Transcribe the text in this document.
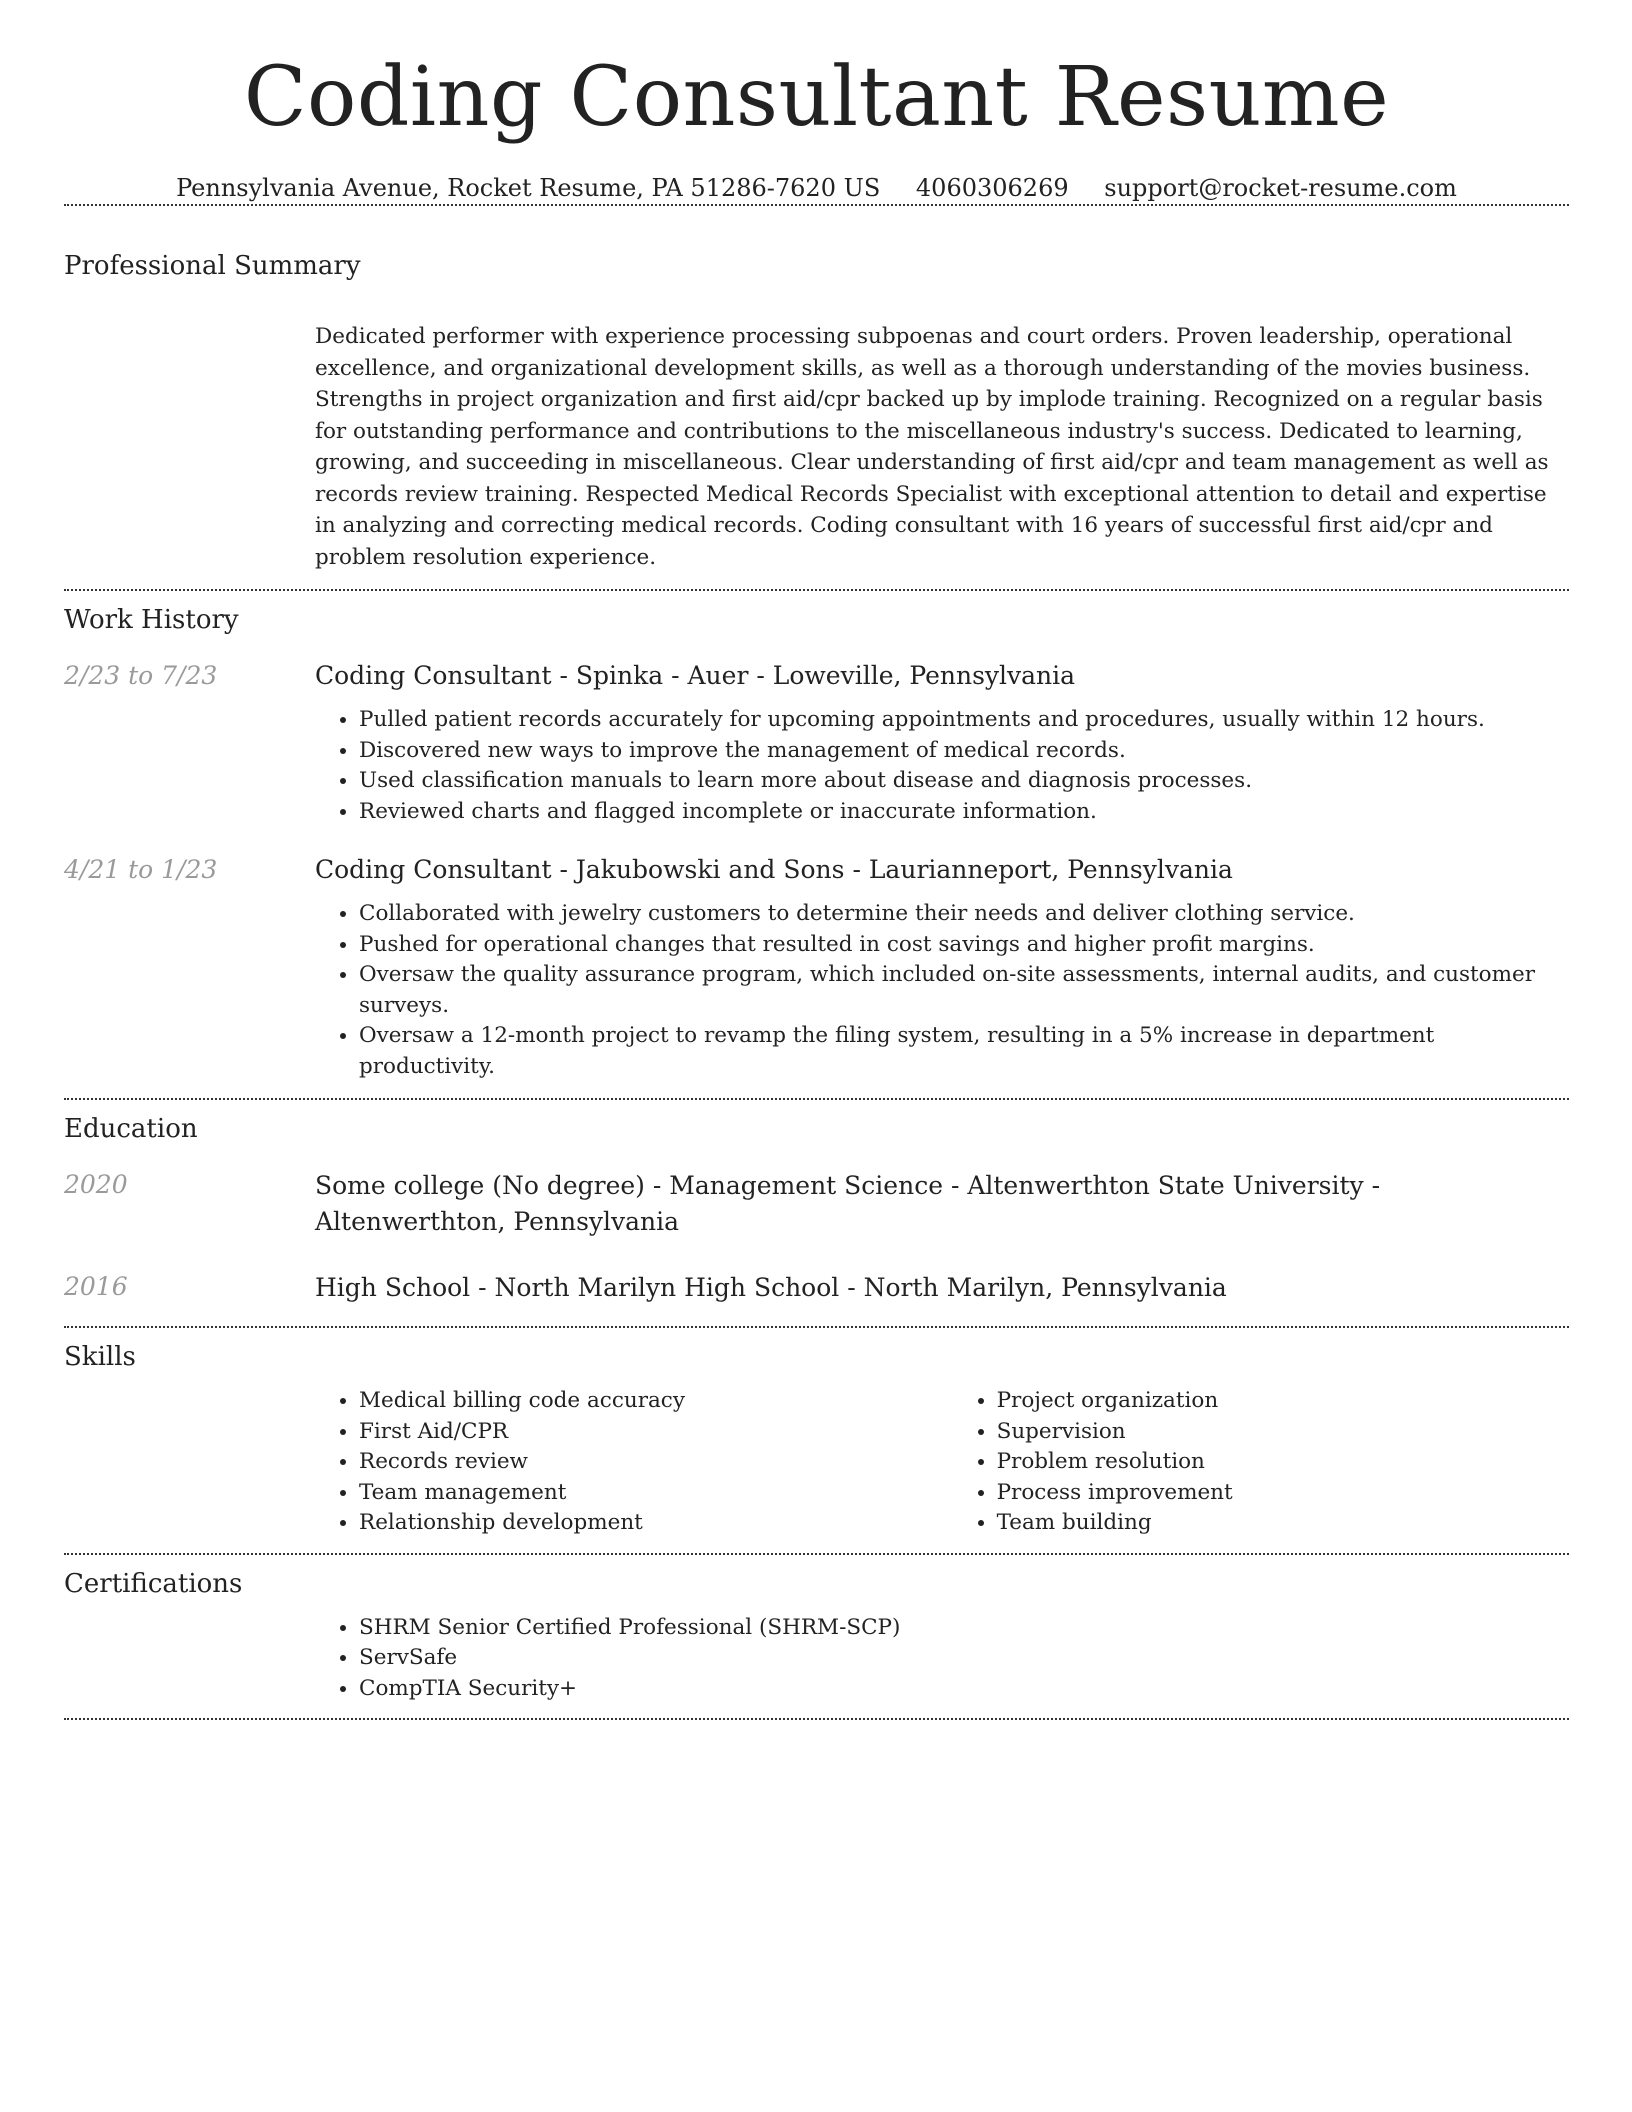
Coding Consultant Resume
Pennsylvania Avenue, Rocket Resume, PA 51286-7620 US 4060306269 support@rocket-resume.com
Professional Summary

Dedicated performer with experience processing subpoenas and court orders. Proven leadership, operational excellence, and organizational development skills, as well as a thorough understanding of the movies business. Strengths in project organization and first aid/cpr backed up by implode training. Recognized on a regular basis for outstanding performance and contributions to the miscellaneous industry's success. Dedicated to learning, growing, and succeeding in miscellaneous. Clear understanding of first aid/cpr and team management as well as records review training. Respected Medical Records Specialist with exceptional attention to detail and expertise in analyzing and correcting medical records. Coding consultant with 16 years of successful first aid/cpr and problem resolution experience.

Work History
2/23 to 7/23	Coding Consultant - Spinka - Auer - Loweville, Pennsylvania
• Pulled patient records accurately for upcoming appointments and procedures, usually within 12 hours.
• Discovered new ways to improve the management of medical records.
• Used classification manuals to learn more about disease and diagnosis processes.
• Reviewed charts and flagged incomplete or inaccurate information.
4/21 to 1/23	Coding Consultant - Jakubowski and Sons - Laurianneport, Pennsylvania
• Collaborated with jewelry customers to determine their needs and deliver clothing service.
• Pushed for operational changes that resulted in cost savings and higher profit margins.
• Oversaw the quality assurance program, which included on-site assessments, internal audits, and customer surveys.
• Oversaw a 12-month project to revamp the filing system, resulting in a 5% increase in department productivity.
Education
2020	Some college (No degree) - Management Science - Altenwerthton State University - Altenwerthton, Pennsylvania
2016	High School - North Marilyn High School - North Marilyn, Pennsylvania
Skills
• Medical billing code accuracy
• First Aid/CPR
• Records review
• Team management
• Relationship development
• Project organization
• Supervision
• Problem resolution
• Process improvement
• Team building
Certifications
• SHRM Senior Certified Professional (SHRM-SCP)
• ServSafe
• CompTIA Security+
